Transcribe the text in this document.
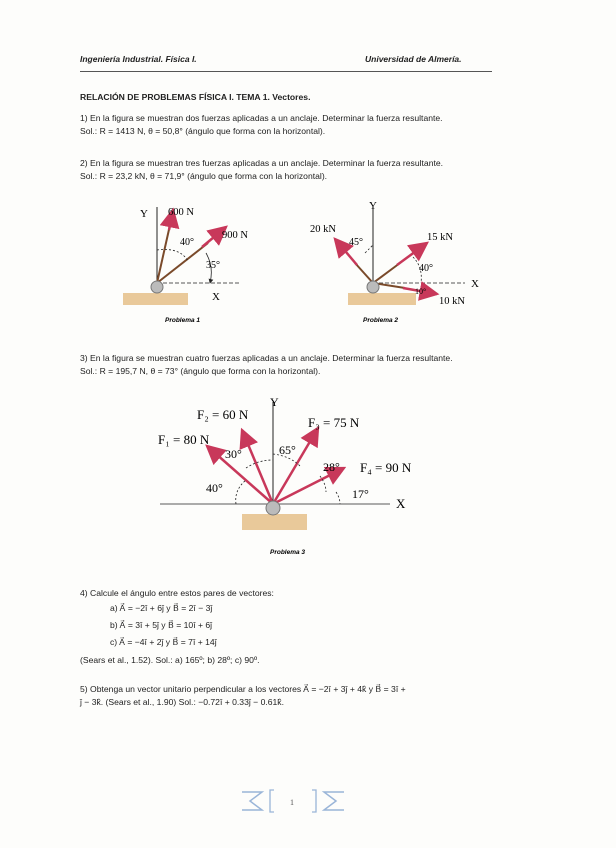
Ingeniería Industrial. Física I.	Universidad de Almería.
RELACIÓN DE PROBLEMAS FÍSICA I. TEMA 1. Vectores.
1) En la figura se muestran dos fuerzas aplicadas a un anclaje. Determinar la fuerza resultante.
Sol.: R = 1413 N, θ = 50,8° (ángulo que forma con la horizontal).
2) En la figura se muestran tres fuerzas aplicadas a un anclaje. Determinar la fuerza resultante.
Sol.: R = 23,2 kN, θ = 71,9° (ángulo que forma con la horizontal).
Y 600 N
900 N
40°
35°
X
Problema 1
Y
20 kN
15 kN
10 kN
45°
40°
10°
X
Problema 2
3) En la figura se muestran cuatro fuerzas aplicadas a un anclaje. Determinar la fuerza resultante.
Sol.: R = 195,7 N, θ = 73° (ángulo que forma con la horizontal).
Y
F₂ = 60 N
F₁ = 80 N
F₃ = 75 N
F₄ = 90 N
40°
30°	65°
28°
17°
X
Problema 3
4) Calcule el ángulo entre estos pares de vectores:
a) A⃗ = −2î + 6ĵ y B⃗ = 2î − 3ĵ
b) A⃗ = 3î + 5ĵ y B⃗ = 10î + 6ĵ
c) A⃗ = −4î + 2ĵ y B⃗ = 7î + 14ĵ
(Sears et al., 1.52). Sol.: a) 165º; b) 28º; c) 90º.
5) Obtenga un vector unitario perpendicular a los vectores A⃗ = −2î + 3ĵ + 4k̂ y B⃗ = 3î +
ĵ − 3k̂. (Sears et al., 1.90) Sol.: −0.72î + 0.33ĵ − 0.61k̂.
1
